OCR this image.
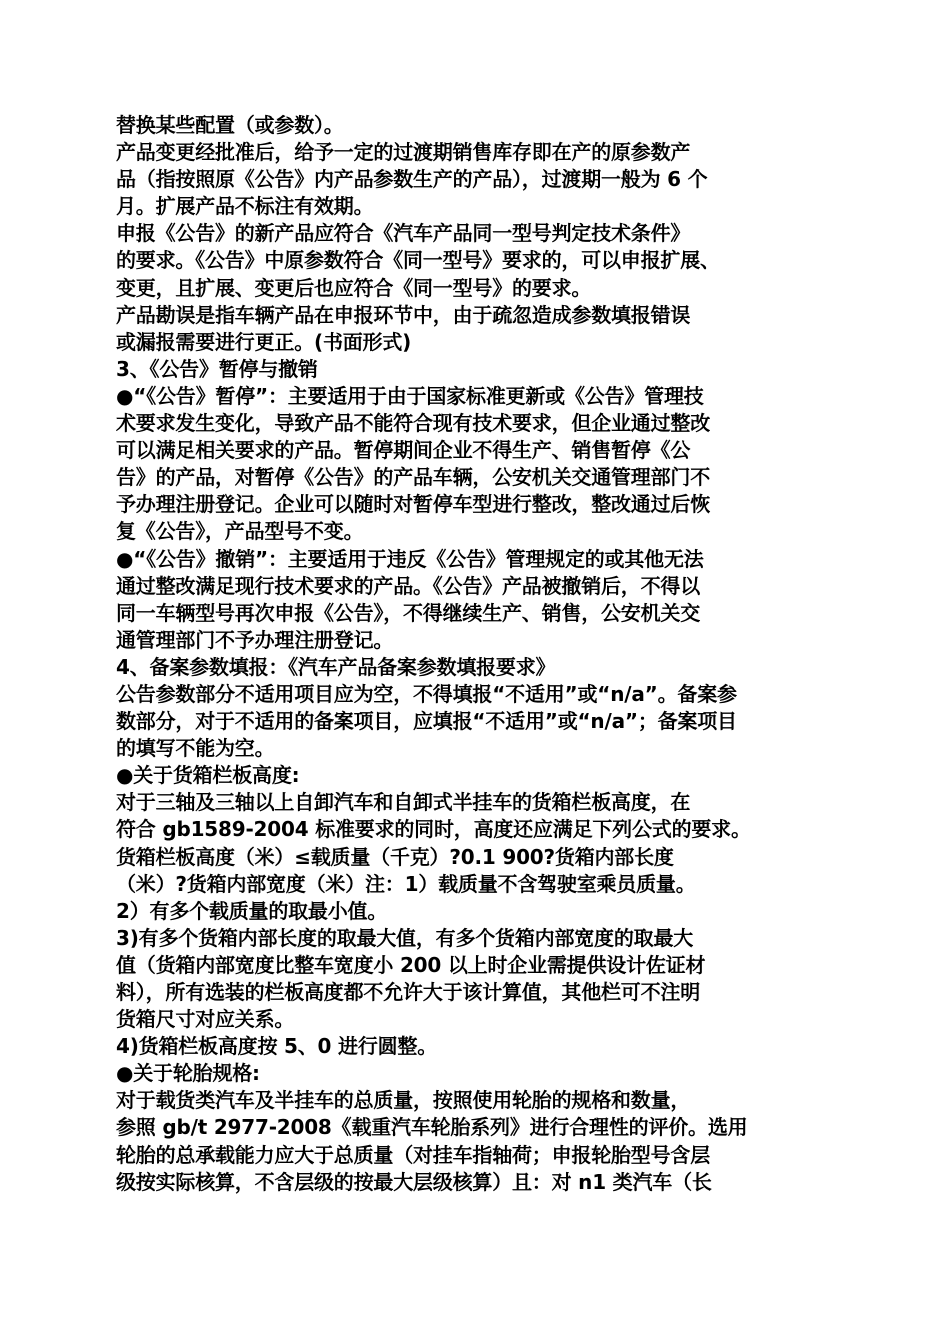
替换某些配置（或参数）。
产品变更经批准后，给予一定的过渡期销售库存即在产的原参数产
品（指按照原《公告》内产品参数生产的产品），过渡期一般为 6 个
月。扩展产品不标注有效期。
申报《公告》的新产品应符合《汽车产品同一型号判定技术条件》
的要求。《公告》中原参数符合《同一型号》要求的，可以申报扩展、
变更，且扩展、变更后也应符合《同一型号》的要求。
产品勘误是指车辆产品在申报环节中，由于疏忽造成参数填报错误
或漏报需要进行更正。(书面形式)
3、《公告》暂停与撤销
●“《公告》暂停”：主要适用于由于国家标准更新或《公告》管理技
术要求发生变化，导致产品不能符合现有技术要求，但企业通过整改
可以满足相关要求的产品。暂停期间企业不得生产、销售暂停《公
告》的产品，对暂停《公告》的产品车辆，公安机关交通管理部门不
予办理注册登记。企业可以随时对暂停车型进行整改，整改通过后恢
复《公告》，产品型号不变。
●“《公告》撤销”：主要适用于违反《公告》管理规定的或其他无法
通过整改满足现行技术要求的产品。《公告》产品被撤销后，不得以
同一车辆型号再次申报《公告》，不得继续生产、销售，公安机关交
通管理部门不予办理注册登记。
4、备案参数填报：《汽车产品备案参数填报要求》
公告参数部分不适用项目应为空，不得填报“不适用”或“n/a”。备案参
数部分，对于不适用的备案项目，应填报“不适用”或“n/a”；备案项目
的填写不能为空。
●关于货箱栏板高度:
对于三轴及三轴以上自卸汽车和自卸式半挂车的货箱栏板高度，在
符合 gb1589-2004 标准要求的同时，高度还应满足下列公式的要求。
货箱栏板高度（米）≤载质量（千克）?0.1 900?货箱内部长度
（米）?货箱内部宽度（米）注：1）载质量不含驾驶室乘员质量。
2）有多个载质量的取最小值。
3)有多个货箱内部长度的取最大值，有多个货箱内部宽度的取最大
值（货箱内部宽度比整车宽度小 200 以上时企业需提供设计佐证材
料），所有选装的栏板高度都不允许大于该计算值，其他栏可不注明
货箱尺寸对应关系。
4)货箱栏板高度按 5、0 进行圆整。
●关于轮胎规格:
对于载货类汽车及半挂车的总质量，按照使用轮胎的规格和数量，
参照 gb/t 2977-2008《载重汽车轮胎系列》进行合理性的评价。选用
轮胎的总承载能力应大于总质量（对挂车指轴荷；申报轮胎型号含层
级按实际核算，不含层级的按最大层级核算）且：对 n1 类汽车（长
